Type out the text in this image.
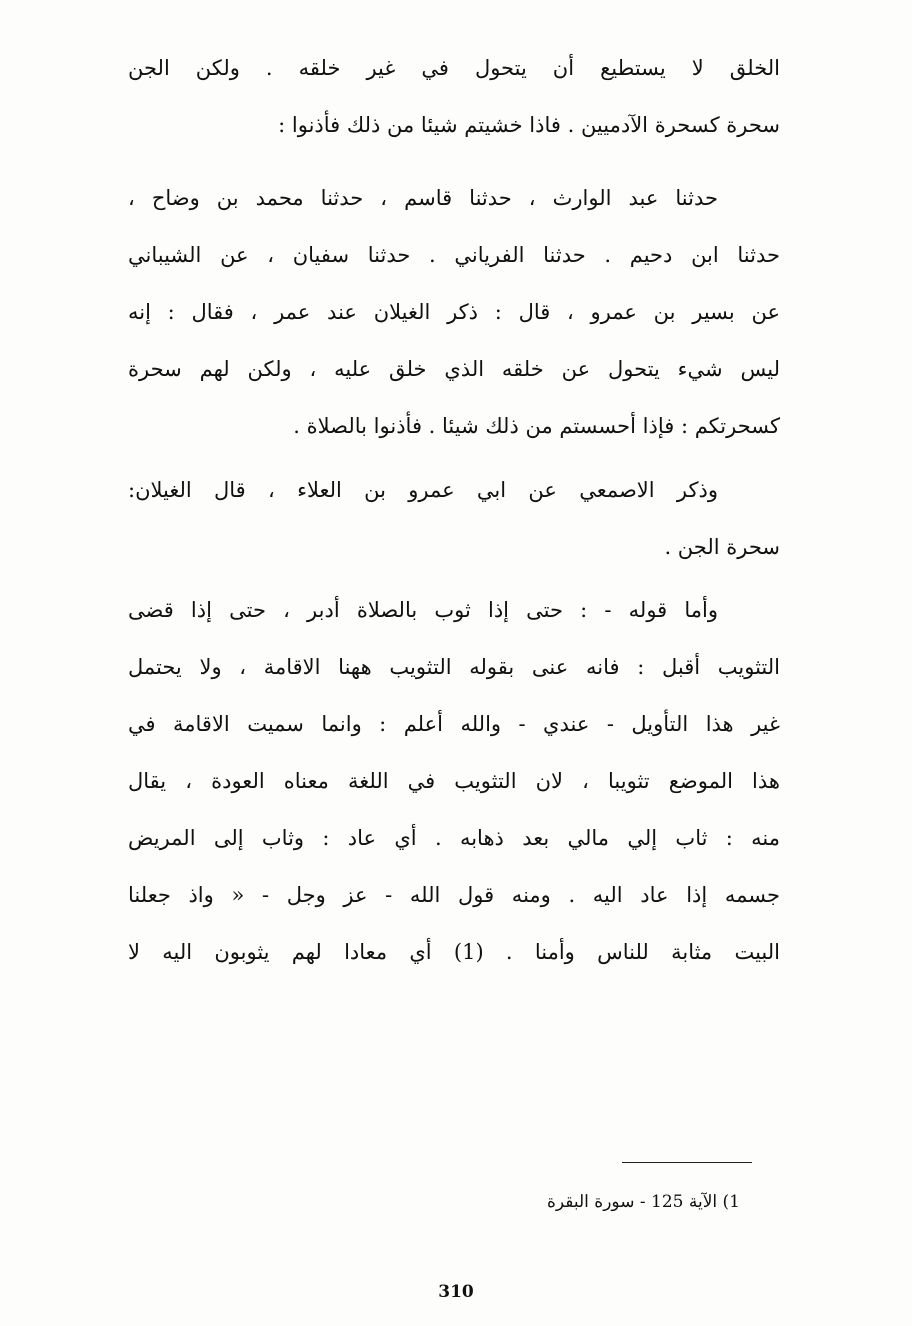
الخلق لا يستطيع أن يتحول في غير خلقه . ولكن الجن
سحرة كسحرة الآدميين . فاذا خشيتم شيئا من ذلك فأذنوا :
حدثنا عبد الوارث ، حدثنا قاسم ، حدثنا محمد بن وضاح ،
حدثنا ابن دحيم . حدثنا الفرياني . حدثنا سفيان ، عن الشيباني
عن بسير بن عمرو ، قال : ذكر الغيلان عند عمر ، فقال : إنه
ليس شيء يتحول عن خلقه الذي خلق عليه ، ولكن لهم سحرة
كسحرتكم : فإذا أحسستم من ذلك شيئا . فأذنوا بالصلاة .
وذكر الاصمعي عن ابي عمرو بن العلاء ، قال الغيلان:
سحرة الجن .
وأما قوله - : حتى إذا ثوب بالصلاة أدبر ، حتى إذا قضى
التثويب أقبل : فانه عنى بقوله التثويب ههنا الاقامة ، ولا يحتمل
غير هذا التأويل - عندي - والله أعلم : وانما سميت الاقامة في
هذا الموضع تثويبا ، لان التثويب في اللغة معناه العودة ، يقال
منه : ثاب إلي مالي بعد ذهابه . أي عاد : وثاب إلى المريض
جسمه إذا عاد اليه . ومنه قول الله - عز وجل - « واذ جعلنا
البيت مثابة للناس وأمنا . (1) أي معادا لهم يثوبون اليه لا
1) الآية 125 - سورة البقرة
310
